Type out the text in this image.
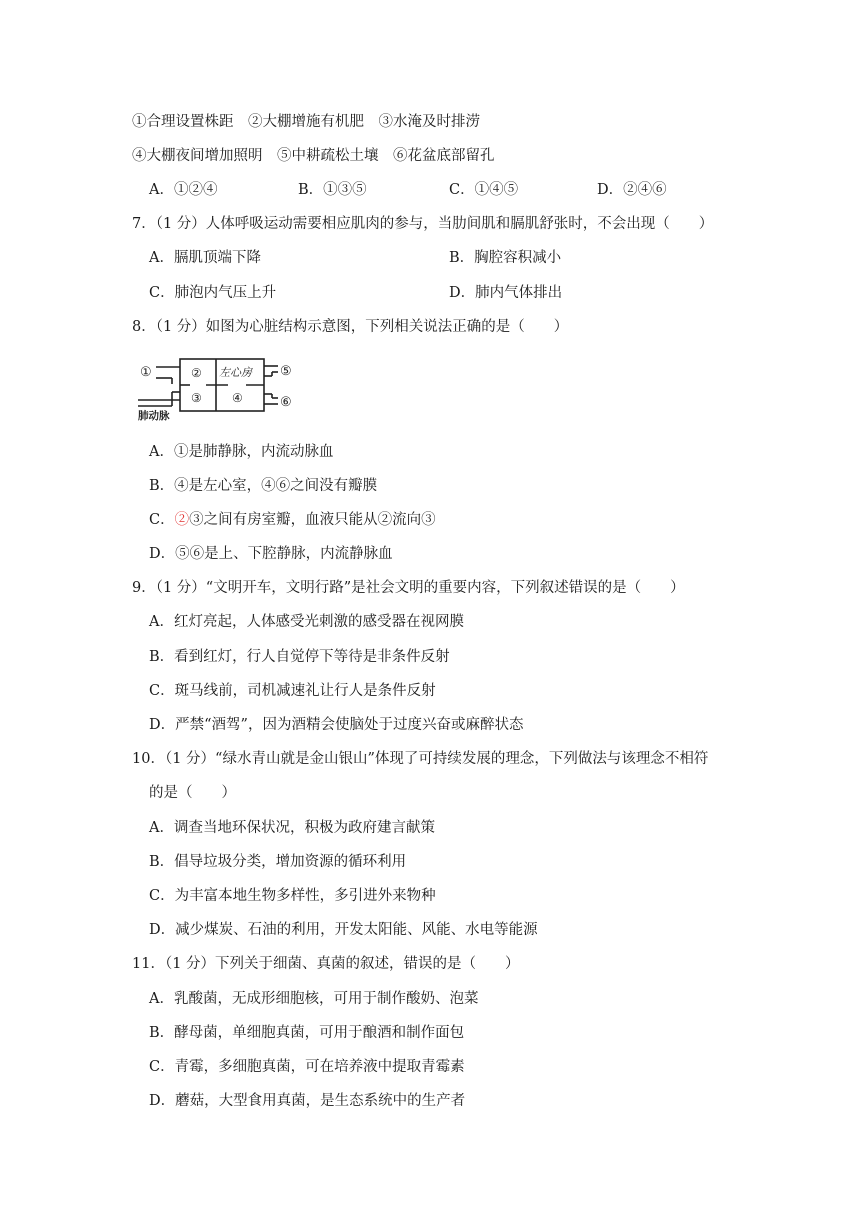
①合理设置株距　②大棚增施有机肥　③水淹及时排涝
④大棚夜间增加照明　⑤中耕疏松土壤　⑥花盆底部留孔
A．①②④	B．①③⑤	C．①④⑤	D．②④⑥
7．（1 分）人体呼吸运动需要相应肌肉的参与，当肋间肌和膈肌舒张时，不会出现（　　）
A．膈肌顶端下降	B．胸腔容积减小
C．肺泡内气压上升	D．肺内气体排出
8．（1 分）如图为心脏结构示意图，下列相关说法正确的是（　　）
①	② 左心房 ⑤
③	④	⑥
肺动脉
A．①是肺静脉，内流动脉血
B．④是左心室，④⑥之间没有瓣膜
C．②③之间有房室瓣，血液只能从②流向③
D．⑤⑥是上、下腔静脉，内流静脉血
9．（1 分）“文明开车，文明行路”是社会文明的重要内容，下列叙述错误的是（　　）
A．红灯亮起，人体感受光刺激的感受器在视网膜
B．看到红灯，行人自觉停下等待是非条件反射
C．斑马线前，司机减速礼让行人是条件反射
D．严禁“酒驾”，因为酒精会使脑处于过度兴奋或麻醉状态
10．（1 分）“绿水青山就是金山银山”体现了可持续发展的理念，下列做法与该理念不相符
的是（　　）
A．调查当地环保状况，积极为政府建言献策
B．倡导垃圾分类，增加资源的循环利用
C．为丰富本地生物多样性，多引进外来物种
D．减少煤炭、石油的利用，开发太阳能、风能、水电等能源
11．（1 分）下列关于细菌、真菌的叙述，错误的是（　　）
A．乳酸菌，无成形细胞核，可用于制作酸奶、泡菜
B．酵母菌，单细胞真菌，可用于酿酒和制作面包
C．青霉，多细胞真菌，可在培养液中提取青霉素
D．蘑菇，大型食用真菌，是生态系统中的生产者
